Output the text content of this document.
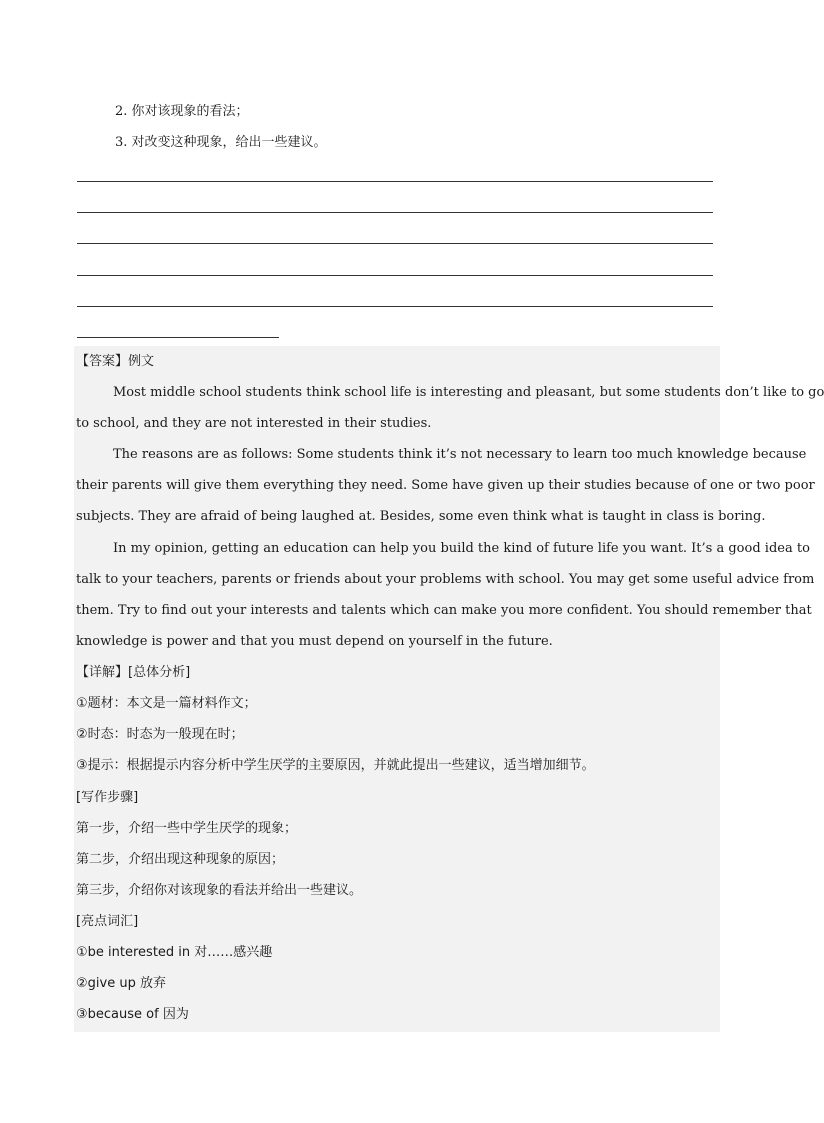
2. 你对该现象的看法；
3. 对改变这种现象，给出一些建议。
【答案】例文
Most middle school students think school life is interesting and pleasant, but some students don’t like to go
to school, and they are not interested in their studies.
The reasons are as follows: Some students think it’s not necessary to learn too much knowledge because
their parents will give them everything they need. Some have given up their studies because of one or two poor
subjects. They are afraid of being laughed at. Besides, some even think what is taught in class is boring.
In my opinion, getting an education can help you build the kind of future life you want. It’s a good idea to
talk to your teachers, parents or friends about your problems with school. You may get some useful advice from
them. Try to find out your interests and talents which can make you more confident. You should remember that
knowledge is power and that you must depend on yourself in the future.
【详解】[总体分析]
①题材：本文是一篇材料作文；
②时态：时态为一般现在时；
③提示：根据提示内容分析中学生厌学的主要原因，并就此提出一些建议，适当增加细节。
[写作步骤]
第一步，介绍一些中学生厌学的现象；
第二步，介绍出现这种现象的原因；
第三步，介绍你对该现象的看法并给出一些建议。
[亮点词汇]
①be interested in 对……感兴趣
②give up 放弃
③because of 因为
